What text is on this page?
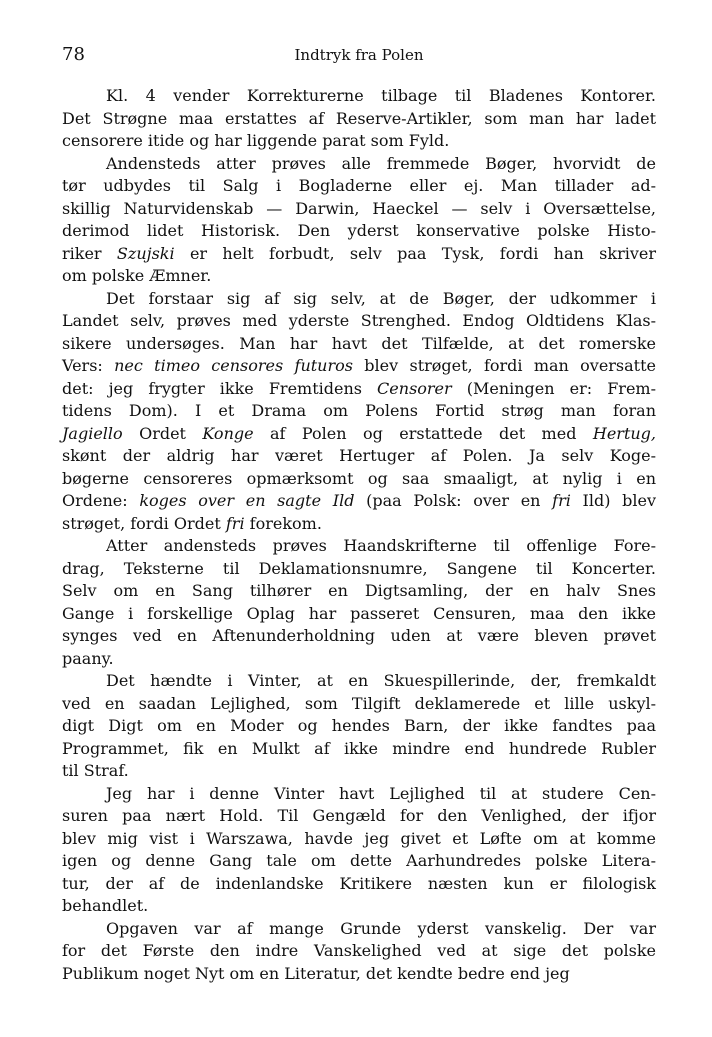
78	Indtryk fra Polen
Kl. 4 vender Korrekturerne tilbage til Bladenes Kontorer.
Det Strøgne maa erstattes af Reserve-Artikler, som man har ladet
censorere itide og har liggende parat som Fyld.
Andensteds atter prøves alle fremmede Bøger, hvorvidt de
tør udbydes til Salg i Bogladerne eller ej. Man tillader ad-
skillig Naturvidenskab — Darwin, Haeckel — selv i Oversættelse,
derimod lidet Historisk. Den yderst konservative polske Histo-
riker Szujski er helt forbudt, selv paa Tysk, fordi han skriver
om polske Æmner.
Det forstaar sig af sig selv, at de Bøger, der udkommer i
Landet selv, prøves med yderste Strenghed. Endog Oldtidens Klas-
sikere undersøges. Man har havt det Tilfælde, at det romerske
Vers: nec timeo censores futuros blev strøget, fordi man oversatte
det: jeg frygter ikke Fremtidens Censorer (Meningen er: Frem-
tidens Dom). I et Drama om Polens Fortid strøg man foran
Jagiello Ordet Konge af Polen og erstattede det med Hertug,
skønt der aldrig har været Hertuger af Polen. Ja selv Koge-
bøgerne censoreres opmærksomt og saa smaaligt, at nylig i en
Ordene: koges over en sagte Ild (paa Polsk: over en fri Ild) blev
strøget, fordi Ordet fri forekom.
Atter andensteds prøves Haandskrifterne til offenlige Fore-
drag, Teksterne til Deklamationsnumre, Sangene til Koncerter.
Selv om en Sang tilhører en Digtsamling, der en halv Snes
Gange i forskellige Oplag har passeret Censuren, maa den ikke
synges ved en Aftenunderholdning uden at være bleven prøvet
paany.
Det hændte i Vinter, at en Skuespillerinde, der, fremkaldt
ved en saadan Lejlighed, som Tilgift deklamerede et lille uskyl-
digt Digt om en Moder og hendes Barn, der ikke fandtes paa
Programmet, fik en Mulkt af ikke mindre end hundrede Rubler
til Straf.
Jeg har i denne Vinter havt Lejlighed til at studere Cen-
suren paa nært Hold. Til Gengæld for den Venlighed, der ifjor
blev mig vist i Warszawa, havde jeg givet et Løfte om at komme
igen og denne Gang tale om dette Aarhundredes polske Litera-
tur, der af de indenlandske Kritikere næsten kun er filologisk
behandlet.
Opgaven var af mange Grunde yderst vanskelig. Der var
for det Første den indre Vanskelighed ved at sige det polske
Publikum noget Nyt om en Literatur, det kendte bedre end jeg
